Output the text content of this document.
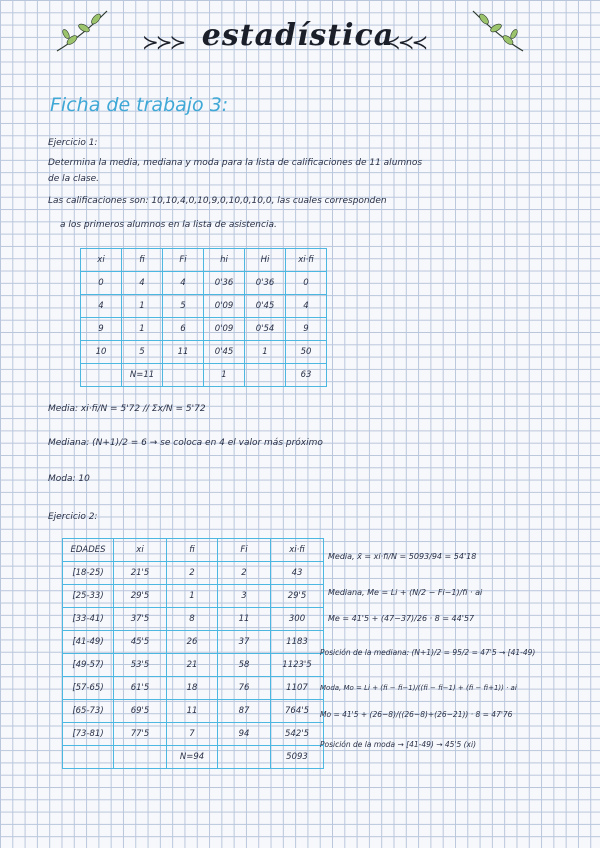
≻≻≻ estadística
≺≺≺
Ficha de trabajo 3:
Ejercicio 1:
Determina la media, mediana y moda para la lista de calificaciones de 11 alumnos
de la clase.
Las calificaciones son: 10,10,4,0,10,9,0,10,0,10,0, las cuales corresponden
a los primeros alumnos en la lista de asistencia.
xi	fi	Fi	hi	Hi	xi·fi
0	4	4	0'36	0'36	0
4	1	5	0'09	0'45	4
9	1	6	0'09	0'54	9
10	5	11	0'45	1	50
	N=11		1		63
Media: xi·fi/N = 5'72 // Σx/N = 5'72
Mediana: (N+1)/2 = 6 → se coloca en 4 el valor más próximo
Moda: 10
Ejercicio 2:
EDADES	xi	fi	Fi	xi·fi
[18-25)	21'5	2	2	43
[25-33)	29'5	1	3	29'5
[33-41)	37'5	8	11	300
[41-49)	45'5	26	37	1183
[49-57)	53'5	21	58	1123'5
[57-65)	61'5	18	76	1107
[65-73)	69'5	11	87	764'5
[73-81)	77'5	7	94	542'5
		N=94		5093
Media, x̄ = xi·fi/N = 5093/94 = 54'18
Mediana, Me = Li + (N/2 − Fi−1)/fi · ai
Me = 41'5 + (47−37)/26 · 8 = 44'57
Posición de la mediana: (N+1)/2 = 95/2 = 47'5 → [41-49)
Moda, Mo = Li + (fi − fi−1)/((fi − fi−1) + (fi − fi+1)) · ai
Mo = 41'5 + (26−8)/((26−8)+(26−21)) · 8 = 47'76
Posición de la moda → [41-49) → 45'5 (xi)
